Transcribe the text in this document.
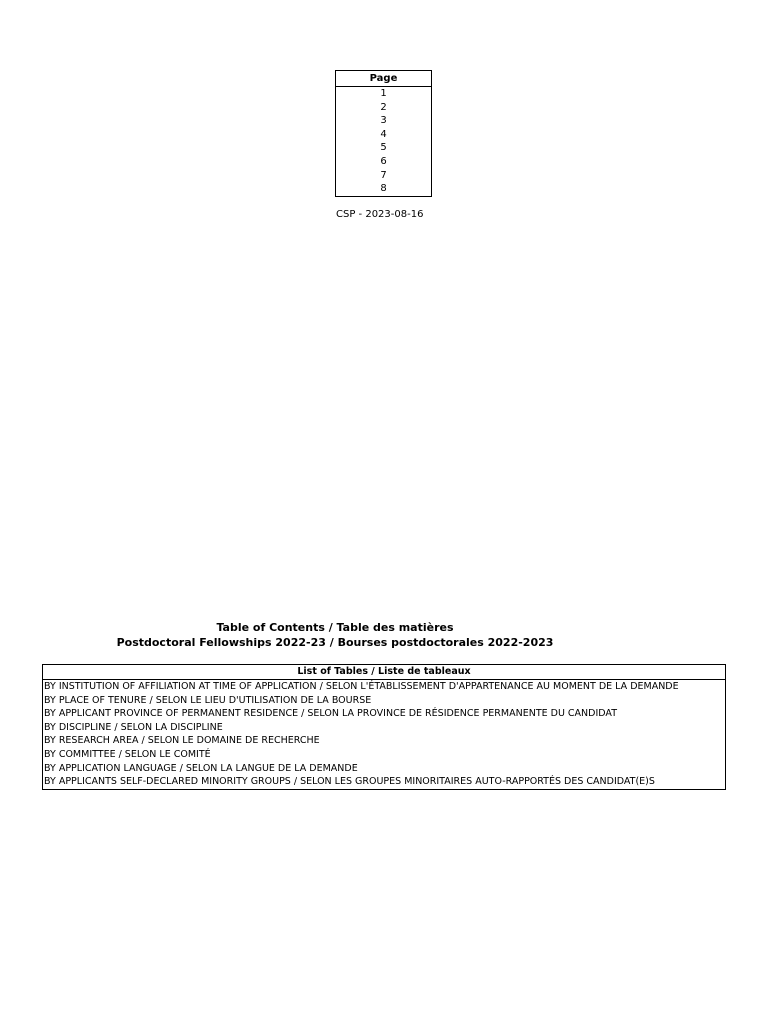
Page
1
2
3
4
5
6
7
8
CSP - 2023-08-16
Table of Contents / Table des matières
Postdoctoral Fellowships 2022-23 / Bourses postdoctorales 2022-2023
List of Tables / Liste de tableaux
BY INSTITUTION OF AFFILIATION AT TIME OF APPLICATION / SELON L'ÉTABLISSEMENT D'APPARTENANCE AU MOMENT DE LA DEMANDE
BY PLACE OF TENURE / SELON LE LIEU D'UTILISATION DE LA BOURSE
BY APPLICANT PROVINCE OF PERMANENT RESIDENCE / SELON LA PROVINCE DE RÉSIDENCE PERMANENTE DU CANDIDAT
BY DISCIPLINE / SELON LA DISCIPLINE
BY RESEARCH AREA / SELON LE DOMAINE DE RECHERCHE
BY COMMITTEE / SELON LE COMITÉ
BY APPLICATION LANGUAGE / SELON LA LANGUE DE LA DEMANDE
BY APPLICANTS SELF-DECLARED MINORITY GROUPS / SELON LES GROUPES MINORITAIRES AUTO-RAPPORTÉS DES CANDIDAT(E)S
